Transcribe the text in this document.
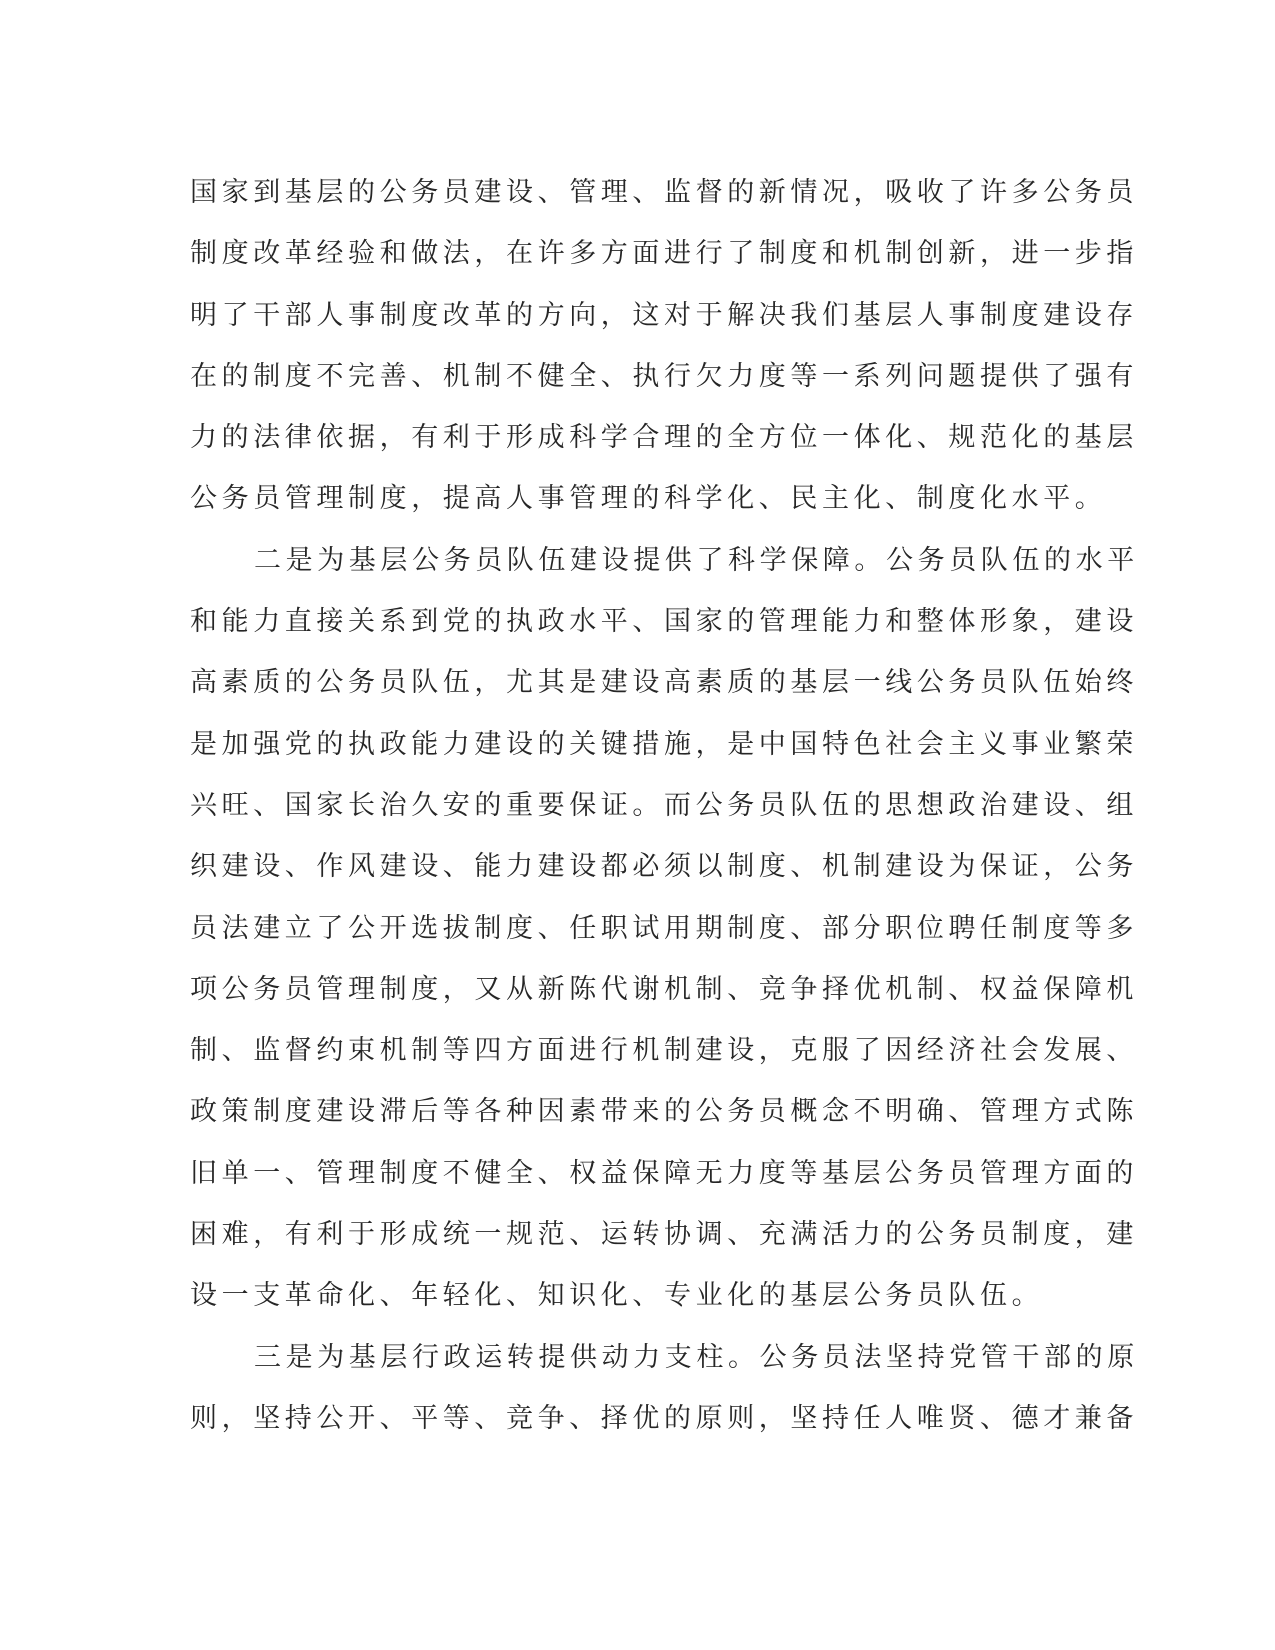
国家到基层的公务员建设、管理、监督的新情况，吸收了许多公务员
制度改革经验和做法，在许多方面进行了制度和机制创新，进一步指
明了干部人事制度改革的方向，这对于解决我们基层人事制度建设存
在的制度不完善、机制不健全、执行欠力度等一系列问题提供了强有
力的法律依据，有利于形成科学合理的全方位一体化、规范化的基层
公务员管理制度，提高人事管理的科学化、民主化、制度化水平。
二是为基层公务员队伍建设提供了科学保障。公务员队伍的水平
和能力直接关系到党的执政水平、国家的管理能力和整体形象，建设
高素质的公务员队伍，尤其是建设高素质的基层一线公务员队伍始终
是加强党的执政能力建设的关键措施，是中国特色社会主义事业繁荣
兴旺、国家长治久安的重要保证。而公务员队伍的思想政治建设、组
织建设、作风建设、能力建设都必须以制度、机制建设为保证，公务
员法建立了公开选拔制度、任职试用期制度、部分职位聘任制度等多
项公务员管理制度，又从新陈代谢机制、竞争择优机制、权益保障机
制、监督约束机制等四方面进行机制建设，克服了因经济社会发展、
政策制度建设滞后等各种因素带来的公务员概念不明确、管理方式陈
旧单一、管理制度不健全、权益保障无力度等基层公务员管理方面的
困难，有利于形成统一规范、运转协调、充满活力的公务员制度，建
设一支革命化、年轻化、知识化、专业化的基层公务员队伍。
三是为基层行政运转提供动力支柱。公务员法坚持党管干部的原
则，坚持公开、平等、竞争、择优的原则，坚持任人唯贤、德才兼备
